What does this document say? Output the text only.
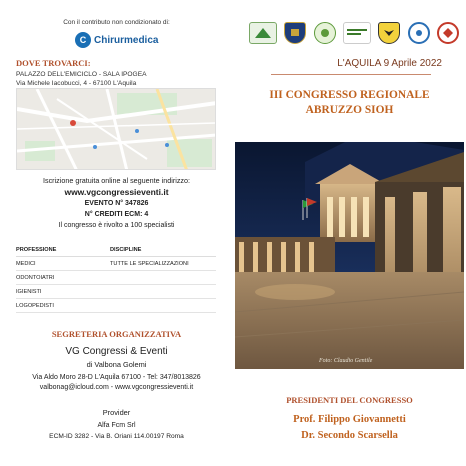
Con il contributo non condizionato di:
C Chirurmedica
DOVE TROVARCI:
PALAZZO DELL'EMICICLO - SALA IPOGEA
Via Michele Iacobucci, 4 - 67100 L'Aquila
Iscrizione gratuita online al seguente indirizzo:
www.vgcongressieventi.it
EVENTO N° 347826
N° CREDITI ECM: 4
Il congresso è rivolto a 100 specialisti
PROFESSIONE	DISCIPLINE
MEDICI	TUTTE LE SPECIALIZZAZIONI
ODONTOIATRI	
IGIENISTI	
LOGOPEDISTI	
SEGRETERIA ORGANIZZATIVA
VG Congressi & Eventi
di Valbona Golemi
Via Aldo Moro 28-D L'Aquila 67100 - Tel: 347/8013826
valbonag@icloud.com - www.vgcongressieventi.it
Provider
Alfa Fcm Srl
ECM-ID 3282 - Via B. Oriani 114.00197 Roma
L'AQUILA 9 Aprile 2022
III CONGRESSO REGIONALE
ABRUZZO SIOH
Foto: Claudio Gentile
PRESIDENTI DEL CONGRESSO
Prof. Filippo Giovannetti
Dr. Secondo Scarsella
